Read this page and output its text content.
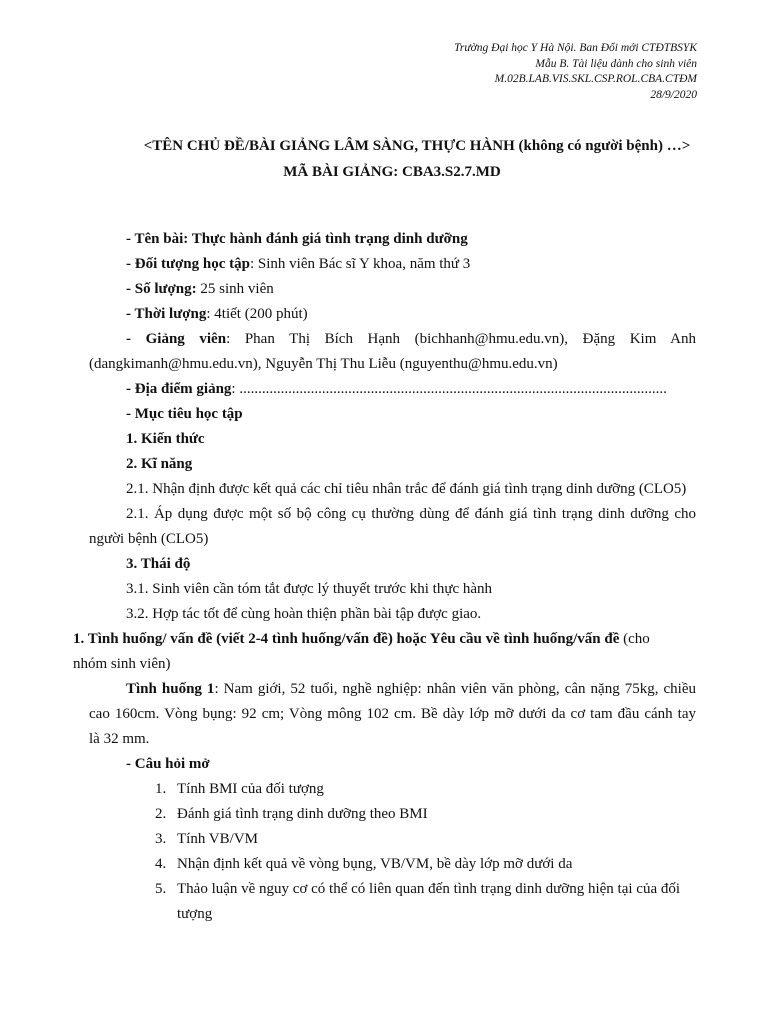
Trường Đại học Y Hà Nội. Ban Đổi mới CTĐTBSYK
Mẫu B. Tài liệu dành cho sinh viên
M.02B.LAB.VIS.SKL.CSP.ROL.CBA.CTĐM
28/9/2020
<TÊN CHỦ ĐỀ/BÀI GIẢNG LÂM SÀNG, THỰC HÀNH (không có người bệnh) …>
MÃ BÀI GIẢNG: CBA3.S2.7.MD

- Tên bài: Thực hành đánh giá tình trạng dinh dưỡng

- Đối tượng học tập: Sinh viên Bác sĩ Y khoa, năm thứ 3

- Số lượng: 25 sinh viên

- Thời lượng: 4tiết (200 phút)

- Giảng viên: Phan Thị Bích Hạnh (bichhanh@hmu.edu.vn), Đặng Kim Anh

(dangkimanh@hmu.edu.vn), Nguyễn Thị Thu Liễu (nguyenthu@hmu.edu.vn)

- Địa điểm giảng: ..................................................................................................................

- Mục tiêu học tập

1. Kiến thức

2. Kĩ năng

2.1. Nhận định được kết quả các chỉ tiêu nhân trắc để đánh giá tình trạng dinh dưỡng (CLO5)

2.1. Áp dụng được một số bộ công cụ thường dùng để đánh giá tình trạng dinh dưỡng cho

người bệnh (CLO5)

3. Thái độ

3.1. Sinh viên cần tóm tắt được lý thuyết trước khi thực hành

3.2. Hợp tác tốt để cùng hoàn thiện phần bài tập được giao.

1. Tình huống/ vấn đề (viết 2-4 tình huống/vấn đề) hoặc Yêu cầu về tình huống/vấn đề (cho

nhóm sinh viên)

Tình huống 1: Nam giới, 52 tuổi, nghề nghiệp: nhân viên văn phòng, cân nặng 75kg, chiều

cao 160cm. Vòng bụng: 92 cm; Vòng mông 102 cm. Bề dày lớp mỡ dưới da cơ tam đầu cánh tay

là 32 mm.

- Câu hỏi mở

1. Tính BMI của đối tượng
2. Đánh giá tình trạng dinh dưỡng theo BMI
3. Tính VB/VM
4. Nhận định kết quả về vòng bụng, VB/VM, bề dày lớp mỡ dưới da
5. Thảo luận về nguy cơ có thể có liên quan đến tình trạng dinh dưỡng hiện tại của đối
tượng
